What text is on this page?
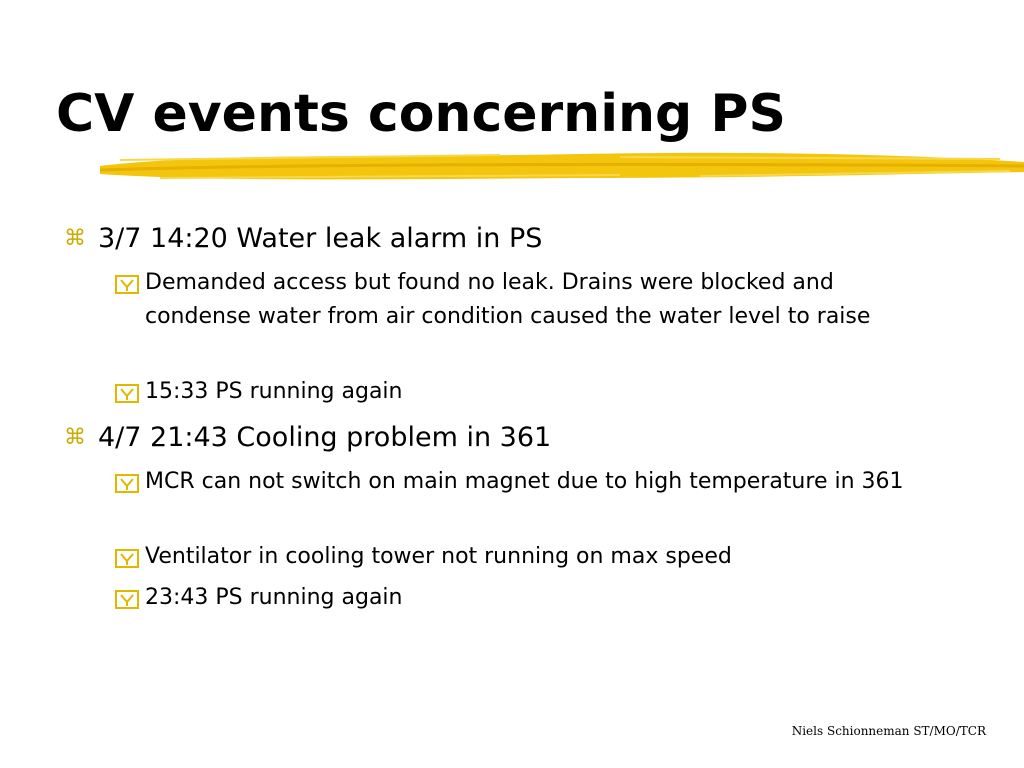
CV events concerning PS
⌘ 3/7 14:20 Water leak alarm in PS
Demanded access but found no leak. Drains were blocked and condense water from air condition caused the water level to raise
15:33 PS running again
⌘ 4/7 21:43 Cooling problem in 361
MCR can not switch on main magnet due to high temperature in 361
Ventilator in cooling tower not running on max speed
23:43 PS running again
Niels Schionneman ST/MO/TCR
